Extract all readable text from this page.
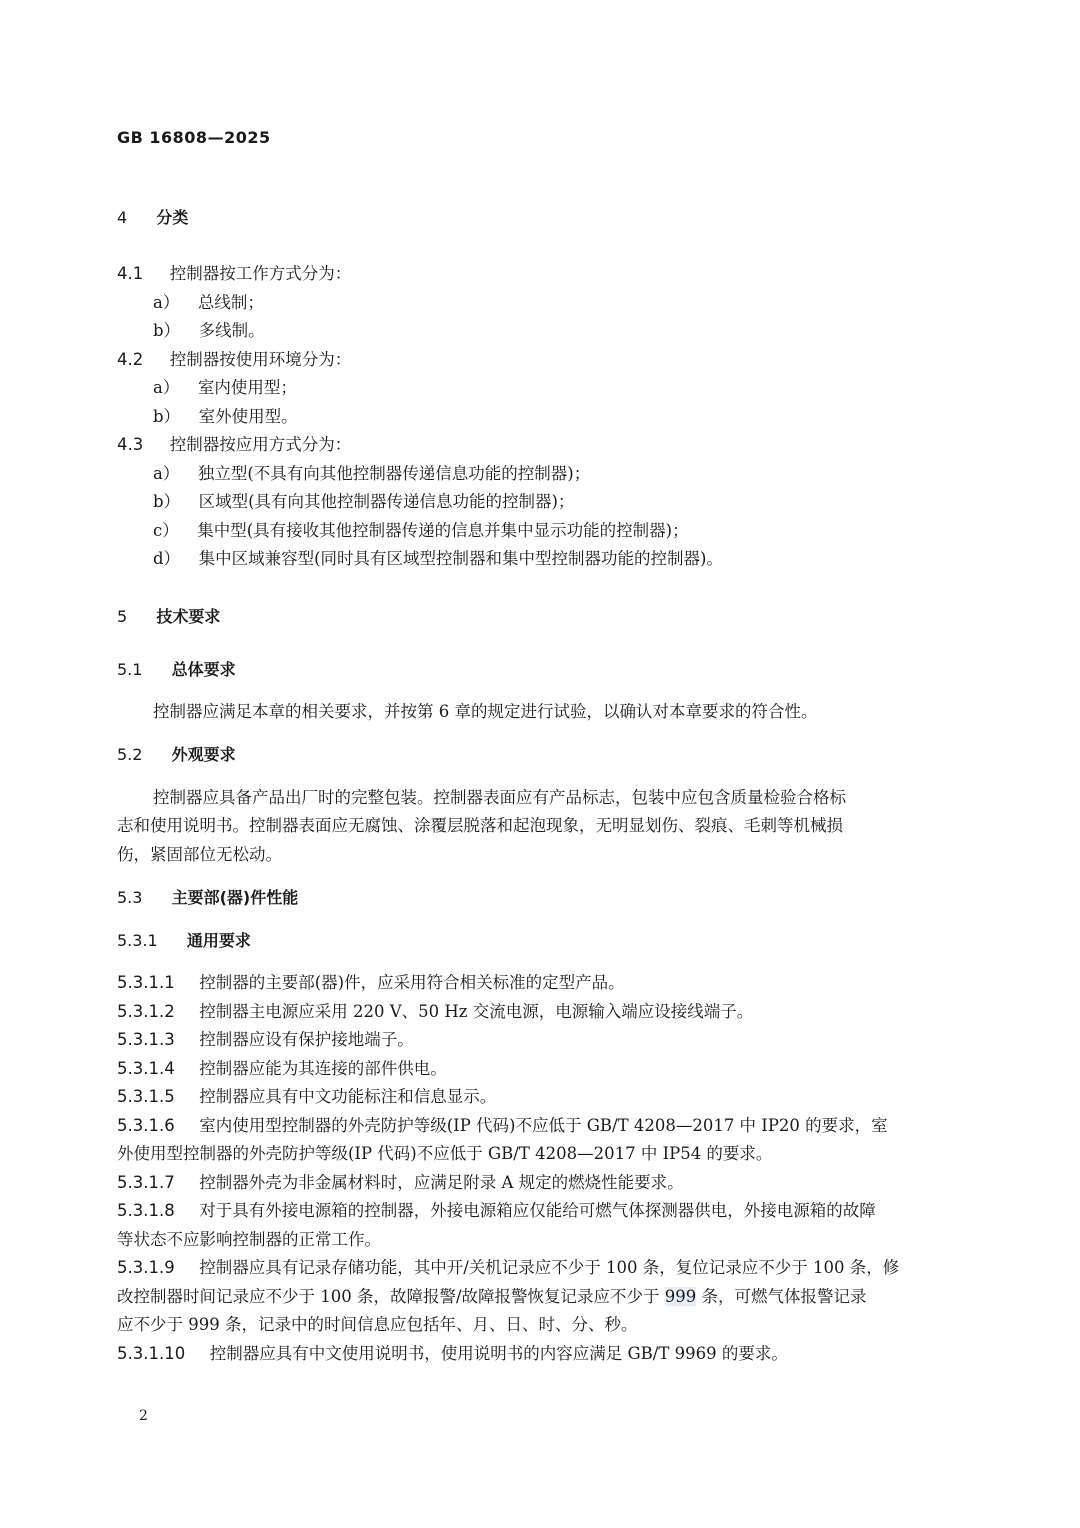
GB 16808—2025
4 分类
4.1 控制器按工作方式分为：
a） 总线制；
b） 多线制。
4.2 控制器按使用环境分为：
a） 室内使用型；
b） 室外使用型。
4.3 控制器按应用方式分为：
a） 独立型(不具有向其他控制器传递信息功能的控制器)；
b） 区域型(具有向其他控制器传递信息功能的控制器)；
c） 集中型(具有接收其他控制器传递的信息并集中显示功能的控制器)；
d） 集中区域兼容型(同时具有区域型控制器和集中型控制器功能的控制器)。
5 技术要求
5.1 总体要求
控制器应满足本章的相关要求，并按第 6 章的规定进行试验，以确认对本章要求的符合性。
5.2 外观要求
控制器应具备产品出厂时的完整包装。控制器表面应有产品标志，包装中应包含质量检验合格标
志和使用说明书。控制器表面应无腐蚀、涂覆层脱落和起泡现象，无明显划伤、裂痕、毛刺等机械损
伤，紧固部位无松动。
5.3 主要部(器)件性能
5.3.1 通用要求
5.3.1.1 控制器的主要部(器)件，应采用符合相关标准的定型产品。
5.3.1.2 控制器主电源应采用 220 V、50 Hz 交流电源，电源输入端应设接线端子。
5.3.1.3 控制器应设有保护接地端子。
5.3.1.4 控制器应能为其连接的部件供电。
5.3.1.5 控制器应具有中文功能标注和信息显示。
5.3.1.6 室内使用型控制器的外壳防护等级(IP 代码)不应低于 GB/T 4208—2017 中 IP20 的要求，室
外使用型控制器的外壳防护等级(IP 代码)不应低于 GB/T 4208—2017 中 IP54 的要求。
5.3.1.7 控制器外壳为非金属材料时，应满足附录 A 规定的燃烧性能要求。
5.3.1.8 对于具有外接电源箱的控制器，外接电源箱应仅能给可燃气体探测器供电，外接电源箱的故障
等状态不应影响控制器的正常工作。
5.3.1.9 控制器应具有记录存储功能，其中开/关机记录应不少于 100 条，复位记录应不少于 100 条，修
改控制器时间记录应不少于 100 条，故障报警/故障报警恢复记录应不少于 999 条，可燃气体报警记录
应不少于 999 条，记录中的时间信息应包括年、月、日、时、分、秒。
5.3.1.10 控制器应具有中文使用说明书，使用说明书的内容应满足 GB/T 9969 的要求。
2
